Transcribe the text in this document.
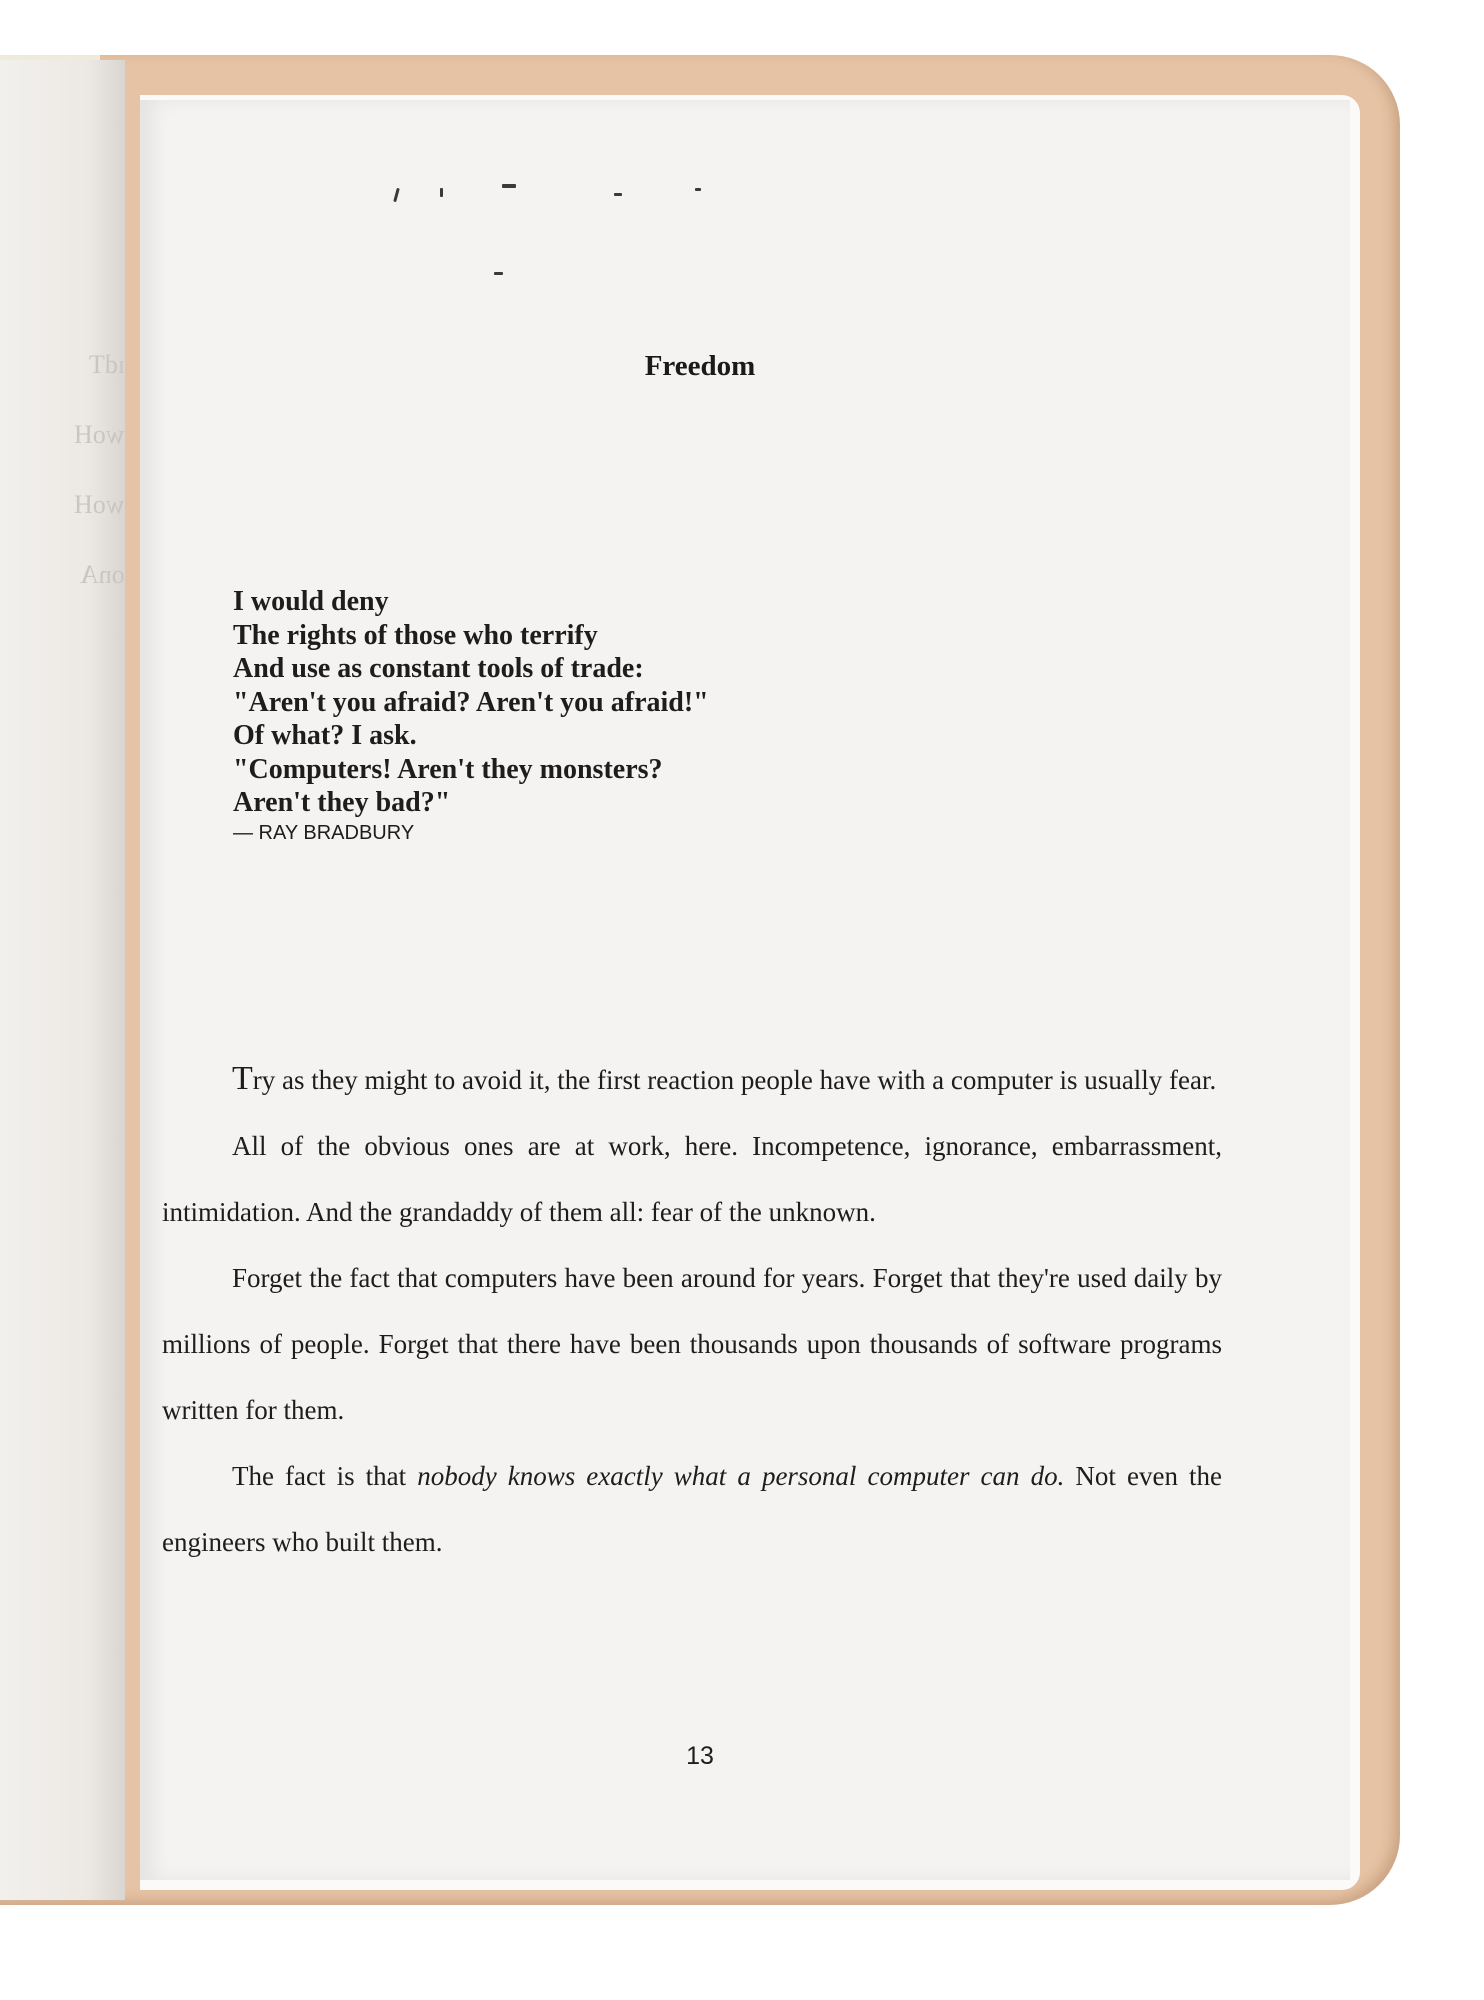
ıdT
woH
woH
onA
Freedom
I would deny
The rights of those who terrify
And use as constant tools of trade:
"Aren't you afraid? Aren't you afraid!"
Of what? I ask.
"Computers! Aren't they monsters?
Aren't they bad?"
— RAY BRADBURY

Try as they might to avoid it, the first reaction people have with a computer is usually fear.

All of the obvious ones are at work, here. Incompetence, ignorance, embarrassment, intimidation. And the grandaddy of them all: fear of the unknown.

Forget the fact that computers have been around for years. Forget that they're used daily by millions of people. Forget that there have been thousands upon thousands of software programs written for them.

The fact is that nobody knows exactly what a personal computer can do. Not even the engineers who built them.

13
